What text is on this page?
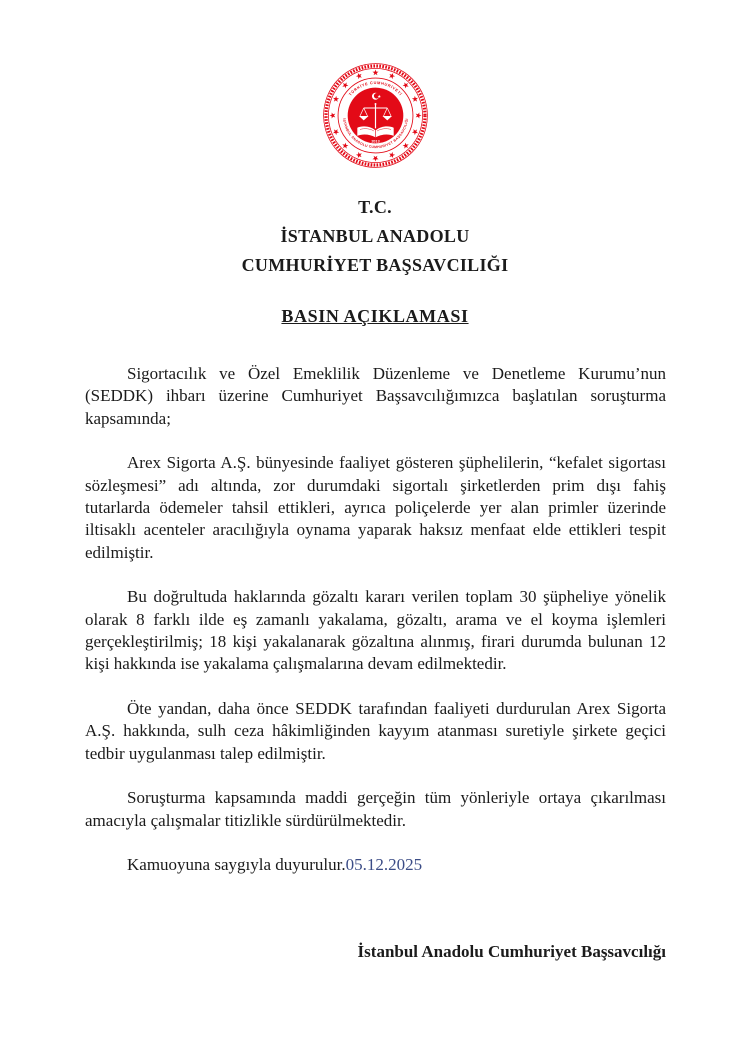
TÜRKİYE CUMHURİYETİ
İSTANBUL ANADOLU CUMHURİYET BAŞSAVCILIĞI
2013
T.C.
İSTANBUL ANADOLU
CUMHURİYET BAŞSAVCILIĞI
BASIN AÇIKLAMASI

Sigortacılık ve Özel Emeklilik Düzenleme ve Denetleme Kurumu’nun (SEDDK) ihbarı üzerine Cumhuriyet Başsavcılığımızca başlatılan soruşturma kapsamında;

Arex Sigorta A.Ş. bünyesinde faaliyet gösteren şüphelilerin, “kefalet sigortası sözleşmesi” adı altında, zor durumdaki sigortalı şirketlerden prim dışı fahiş tutarlarda ödemeler tahsil ettikleri, ayrıca poliçelerde yer alan primler üzerinde iltisaklı acenteler aracılığıyla oynama yaparak haksız menfaat elde ettikleri tespit edilmiştir.

Bu doğrultuda haklarında gözaltı kararı verilen toplam 30 şüpheliye yönelik olarak 8 farklı ilde eş zamanlı yakalama, gözaltı, arama ve el koyma işlemleri gerçekleştirilmiş; 18 kişi yakalanarak gözaltına alınmış, firari durumda bulunan 12 kişi hakkında ise yakalama çalışmalarına devam edilmektedir.

Öte yandan, daha önce SEDDK tarafından faaliyeti durdurulan Arex Sigorta A.Ş. hakkında, sulh ceza hâkimliğinden kayyım atanması suretiyle şirkete geçici tedbir uygulanması talep edilmiştir.

Soruşturma kapsamında maddi gerçeğin tüm yönleriyle ortaya çıkarılması amacıyla çalışmalar titizlikle sürdürülmektedir.

Kamuoyuna saygıyla duyurulur.05.12.2025

İstanbul Anadolu Cumhuriyet Başsavcılığı
